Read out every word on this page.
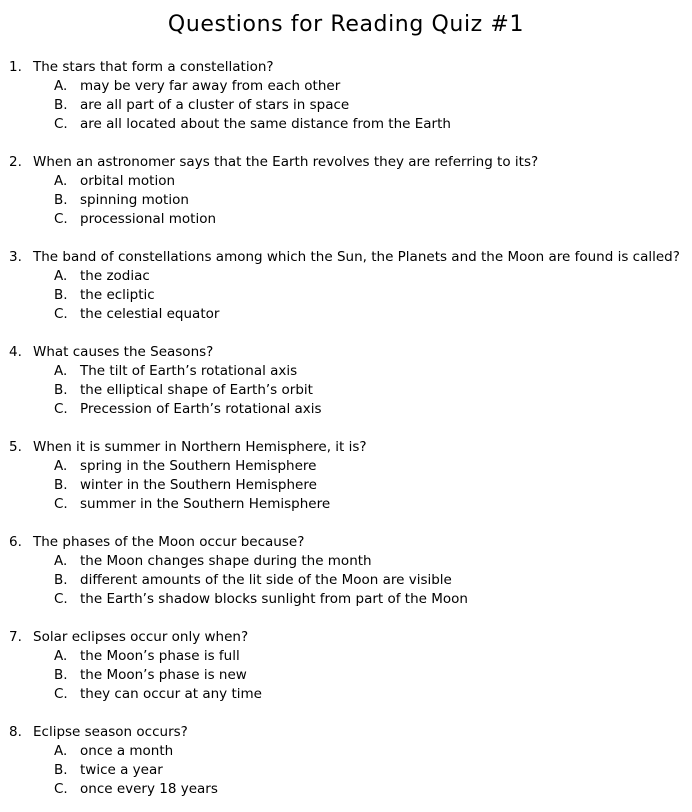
Questions for Reading Quiz #1
1. The stars that form a constellation?
A. may be very far away from each other
B. are all part of a cluster of stars in space
C. are all located about the same distance from the Earth
2. When an astronomer says that the Earth revolves they are referring to its?
A. orbital motion
B. spinning motion
C. processional motion
3. The band of constellations among which the Sun, the Planets and the Moon are found is called?
A. the zodiac
B. the ecliptic
C. the celestial equator
4. What causes the Seasons?
A. The tilt of Earth’s rotational axis
B. the elliptical shape of Earth’s orbit
C. Precession of Earth’s rotational axis
5. When it is summer in Northern Hemisphere, it is?
A. spring in the Southern Hemisphere
B. winter in the Southern Hemisphere
C. summer in the Southern Hemisphere
6. The phases of the Moon occur because?
A. the Moon changes shape during the month
B. different amounts of the lit side of the Moon are visible
C. the Earth’s shadow blocks sunlight from part of the Moon
7. Solar eclipses occur only when?
A. the Moon’s phase is full
B. the Moon’s phase is new
C. they can occur at any time
8. Eclipse season occurs?
A. once a month
B. twice a year
C. once every 18 years
